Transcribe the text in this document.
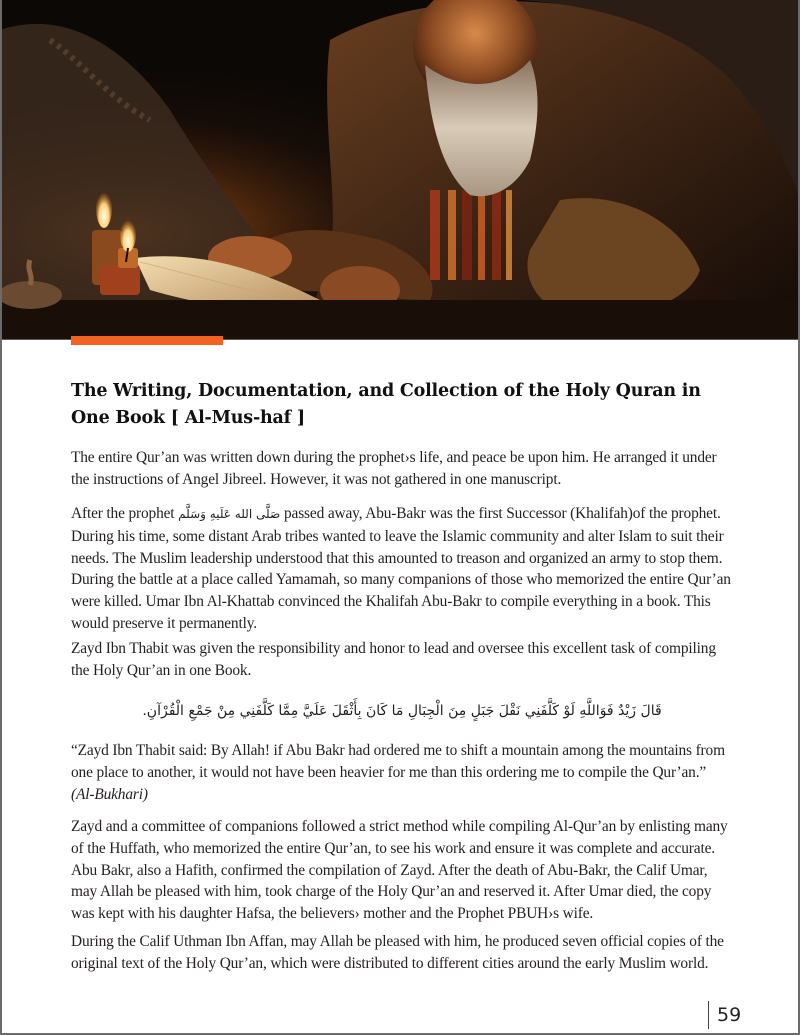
The Writing, Documentation, and Collection of the Holy Quran in One Book [ Al-Mus-haf ]

The entire Qur’an was written down during the prophet›s life, and peace be upon him. He arranged it under the instructions of Angel Jibreel. However, it was not gathered in one manuscript.

After the prophet صَلَّى الله عَلَيهِ وَسَلَّم passed away, Abu-Bakr was the first Successor (Khalifah)of the prophet. During his time, some distant Arab tribes wanted to leave the Islamic community and alter Islam to suit their needs. The Muslim leadership understood that this amounted to treason and organized an army to stop them. During the battle at a place called Yamamah, so many companions of those who memorized the entire Qur’an were killed. Umar Ibn Al-Khattab convinced the Khalifah Abu-Bakr to compile everything in a book. This would preserve it permanently.

Zayd Ibn Thabit was given the responsibility and honor to lead and oversee this excellent task of compiling the Holy Qur’an in one Book.

قَالَ زَيْدٌ فَوَاللَّهِ لَوْ كَلَّفَنِي نَقْلَ جَبَلٍ مِنَ الْجِبَالِ مَا كَانَ بِأَثْقَلَ عَلَيَّ مِمَّا كَلَّفَنِي مِنْ جَمْعِ الْقُرْآنِ.

“Zayd Ibn Thabit said: By Allah! if Abu Bakr had ordered me to shift a mountain among the mountains from one place to another, it would not have been heavier for me than this ordering me to compile the Qur’an.”
(Al-Bukhari)

Zayd and a committee of companions followed a strict method while compiling Al-Qur’an by enlisting many of the Huffath, who memorized the entire Qur’an, to see his work and ensure it was complete and accurate. Abu Bakr, also a Hafith, confirmed the compilation of Zayd. After the death of Abu-Bakr, the Calif Umar, may Allah be pleased with him, took charge of the Holy Qur’an and reserved it. After Umar died, the copy was kept with his daughter Hafsa, the believers› mother and the Prophet PBUH›s wife.

During the Calif Uthman Ibn Affan, may Allah be pleased with him, he produced seven official copies of the original text of the Holy Qur’an, which were distributed to different cities around the early Muslim world.

59
